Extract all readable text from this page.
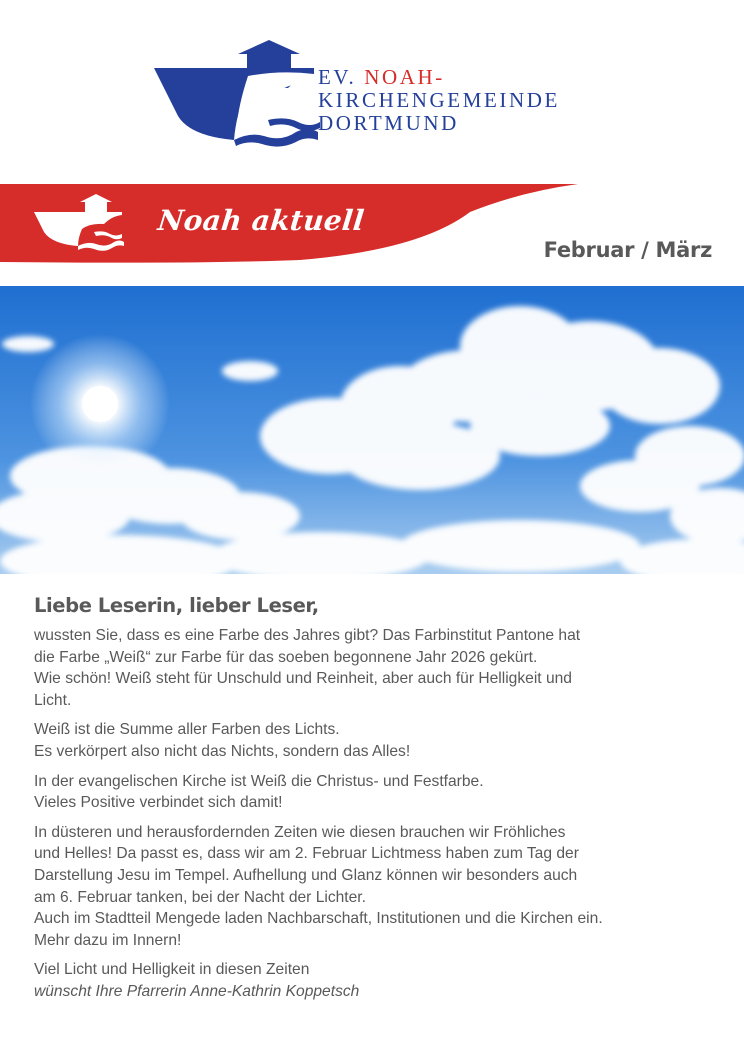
EV. NOAH-
KIRCHENGEMEINDE
DORTMUND
Noah aktuell
Februar / März
Liebe Leserin, lieber Leser,

wussten Sie, dass es eine Farbe des Jahres gibt? Das Farbinstitut Pantone hat
die Farbe „Weiß“ zur Farbe für das soeben begonnene Jahr 2026 gekürt.
Wie schön! Weiß steht für Unschuld und Reinheit, aber auch für Helligkeit und
Licht.

Weiß ist die Summe aller Farben des Lichts.
Es verkörpert also nicht das Nichts, sondern das Alles!

In der evangelischen Kirche ist Weiß die Christus- und Festfarbe.
Vieles Positive verbindet sich damit!

In düsteren und herausfordernden Zeiten wie diesen brauchen wir Fröhliches
und Helles! Da passt es, dass wir am 2. Februar Lichtmess haben zum Tag der
Darstellung Jesu im Tempel. Aufhellung und Glanz können wir besonders auch
am 6. Februar tanken, bei der Nacht der Lichter.
Auch im Stadtteil Mengede laden Nachbarschaft, Institutionen und die Kirchen ein.
Mehr dazu im Innern!

Viel Licht und Helligkeit in diesen Zeiten
wünscht Ihre Pfarrerin Anne-Kathrin Koppetsch
